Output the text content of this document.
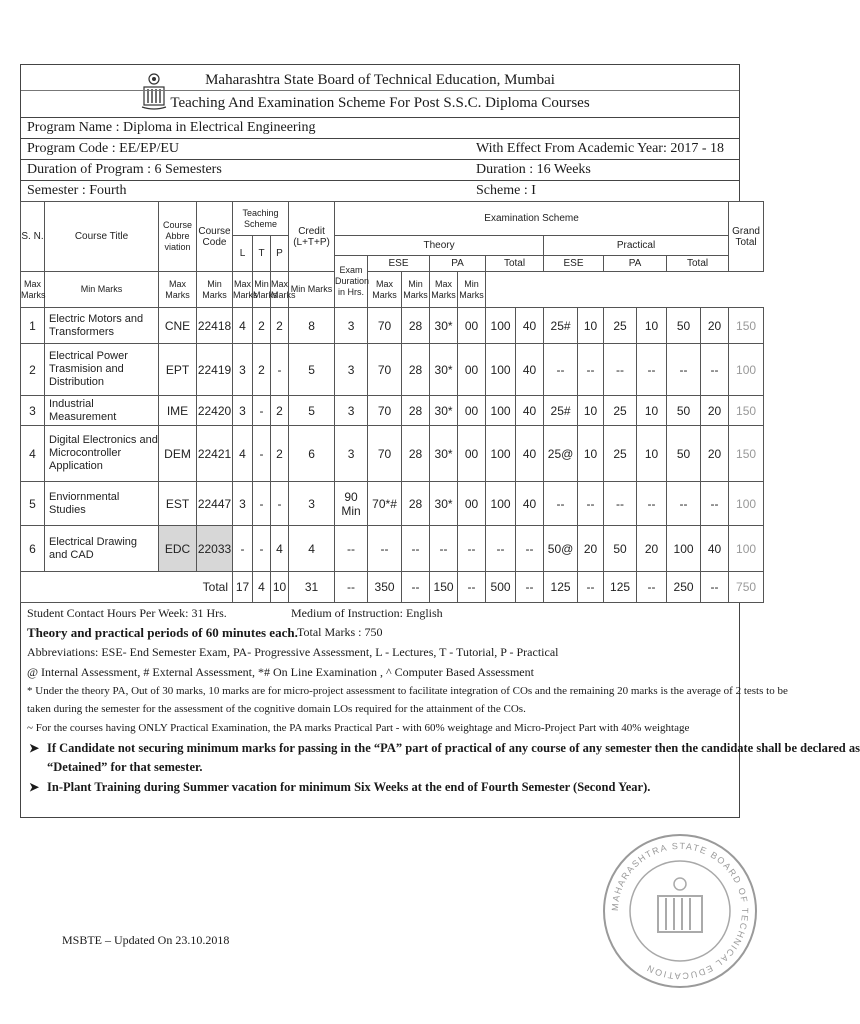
Maharashtra State Board of Technical Education, Mumbai
Teaching And Examination Scheme For Post S.S.C. Diploma Courses
Program Name : Diploma in Electrical Engineering
Program Code : EE/EP/EU	With Effect From Academic Year: 2017 - 18
Duration of Program : 6 Semesters	Duration : 16 Weeks
Semester : Fourth	Scheme : I
S. N.	Course Title	Course Abbre viation	Course Code	Teaching Scheme			Credit (L+T+P)	Examination Scheme													Grand Total
				L	T	P															
								Theory							Practical						
								Exam Duration in Hrs.	ESE		PA		Total		ESE		PA		Total		
Max Marks	Min Marks	Max Marks	Min Marks	Max Marks	Min Marks	Max Marks	Min Marks		Max Marks	Min Marks	Max Marks	Min Marks									
1	Electric Motors and Transformers	CNE	22418	4	2	2	8	3	70	28	30*	00	100	40	25#	10	25	10	50	20	150
2	Electrical Power Trasmision and Distribution	EPT	22419	3	2	-	5	3	70	28	30*	00	100	40	--	--	--	--	--	--	100
3	Industrial Measurement	IME	22420	3	-	2	5	3	70	28	30*	00	100	40	25#	10	25	10	50	20	150
4	Digital Electronics and Microcontroller Application	DEM	22421	4	-	2	6	3	70	28	30*	00	100	40	25@	10	25	10	50	20	150
5	Enviornmental Studies	EST	22447	3	-	-	3	90 Min	70*#	28	30*	00	100	40	--	--	--	--	--	--	100
6	Electrical Drawing and CAD	EDC	22033	-	-	4	4	--	--	--	--	--	--	--	50@	20	50	20	100	40	100
Total				17	4	10	31	--	350	--	150	--	500	--	125	--	125	--	250	--	750
Student Contact Hours Per Week: 31 Hrs.	Medium of Instruction: English
Theory and practical periods of 60 minutes each. Total Marks : 750
Abbreviations: ESE- End Semester Exam, PA- Progressive Assessment, L - Lectures, T - Tutorial, P - Practical
@ Internal Assessment, # External Assessment, *# On Line Examination , ^ Computer Based Assessment
* Under the theory PA, Out of 30 marks, 10 marks are for micro-project assessment to facilitate integration of COs and the remaining 20 marks is the average of 2 tests to be
taken during the semester for the assessment of the cognitive domain LOs required for the attainment of the COs.
~ For the courses having ONLY Practical Examination, the PA marks Practical Part - with 60% weightage and Micro-Project Part with 40% weightage
➤ If Candidate not securing minimum marks for passing in the “PA” part of practical of any course of any semester then the candidate shall be declared as
“Detained” for that semester.
➤ In-Plant Training during Summer vacation for minimum Six Weeks at the end of Fourth Semester (Second Year).
MSBTE – Updated On 23.10.2018
MAHARASHTRA STATE BOARD OF TECHNICAL EDUCATION
